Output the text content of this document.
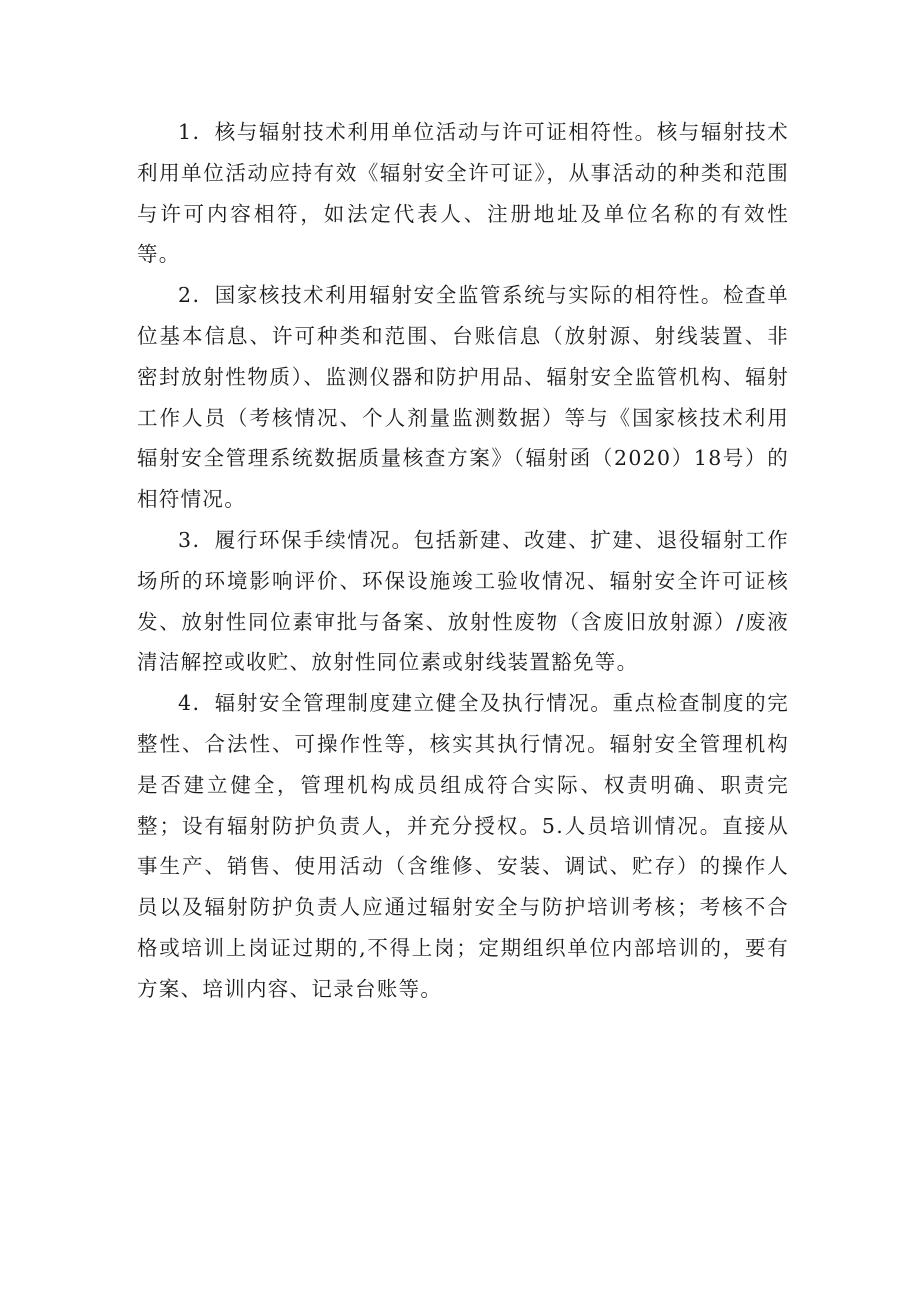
1．核与辐射技术利用单位活动与许可证相符性。核与辐射技术利用单位活动应持有效《辐射安全许可证》，从事活动的种类和范围与许可内容相符，如法定代表人、注册地址及单位名称的有效性等。

2．国家核技术利用辐射安全监管系统与实际的相符性。检查单位基本信息、许可种类和范围、台账信息（放射源、射线装置、非密封放射性物质）、监测仪器和防护用品、辐射安全监管机构、辐射工作人员（考核情况、个人剂量监测数据）等与《国家核技术利用辐射安全管理系统数据质量核查方案》（辐射函（2020）18号）的相符情况。

3．履行环保手续情况。包括新建、改建、扩建、退役辐射工作场所的环境影响评价、环保设施竣工验收情况、辐射安全许可证核发、放射性同位素审批与备案、放射性废物（含废旧放射源）/废液清洁解控或收贮、放射性同位素或射线装置豁免等。

4．辐射安全管理制度建立健全及执行情况。重点检查制度的完整性、合法性、可操作性等，核实其执行情况。辐射安全管理机构是否建立健全，管理机构成员组成符合实际、权责明确、职责完整；设有辐射防护负责人，并充分授权。5.人员培训情况。直接从事生产、销售、使用活动（含维修、安装、调试、贮存）的操作人员以及辐射防护负责人应通过辐射安全与防护培训考核；考核不合格或培训上岗证过期的,不得上岗；定期组织单位内部培训的，要有方案、培训内容、记录台账等。
